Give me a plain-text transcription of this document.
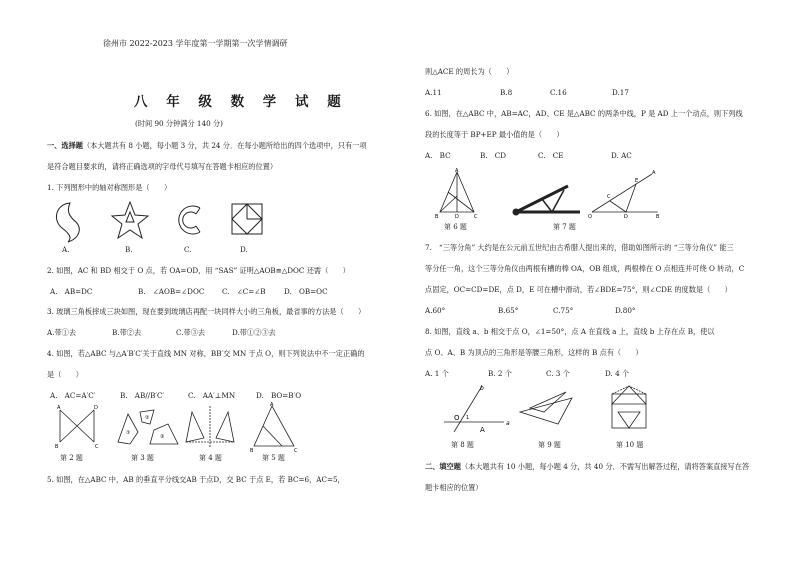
徐州市 2022-2023 学年度第一学期第一次学情调研
八 年 级 数 学 试 题
(时间 90 分钟满分 140 分)
一、选择题（本大题共有 8 小题，每小题 3 分，共 24 分．在每小题所给出的四个选项中，只有一项
是符合题目要求的，请将正确选项的字母代号填写在答题卡相应的位置）
1. 下列图形中的轴对称图形是（　　）
A.	B.	C.	D.
2. 如图，AC 和 BD 相交于 O 点，若 OA=OD，用 “SAS” 证明△AOB≌△DOC 还需（　　）
A.　AB=DC	B.　∠AOB=∠DOC C.　∠C=∠B	D.　OB=OC
3. 玻璃三角板摔成三块如图，现在要到玻璃店再配一块同样大小的三角板，最省事的方法是（　　）
A.带①去	B.带②去	C.带③去	D.带①②③去
4. 如图，若△ABC 与△A′B′C′关于直线 MN 对称，BB′交 MN 于点 O，则下列说法中不一定正确的
是（　　）
A.　AC=A′C′	B.　AB//B′C′	C.　AA′⊥MN	D.　BO=B′O
A	D
B	C
①
②
③
A
B	C
第 2 题	第 3 题	第 4 题	第 5 题
5. 如图，在△ABC 中，AB 的垂直平分线交AB 于点D，交 BC 于点 E，若 BC=6，AC=5，
则△ACE 的周长为（　　）
A.11	B.8	C.16	D.17
6. 如图，在△ABC 中，AB=AC，AD、CE 是△ABC 的两条中线，P 是 AD 上一个动点，则下列线
段的长度等于 BP+EP 最小值的是（　　）
A.　BC	B.　CD	C.　CE	D. AC
A
B	D	C	O
C
D
E
A
B
第 6 题	第 7 题
7.　“三等分角” 大约是在公元前五世纪由古希腊人提出来的，借助如图所示的 “三等分角仪” 能三
等分任一角，这个三等分角仪由两根有槽的棒 OA，OB 组成，两根棒在 O 点相连并可绕 O 转动，C
点固定，OC=CD=DE，点 D，E 可在槽中滑动，若∠BDE=75°，则∠CDE 的度数是（　　）
A.60°	B.65°	C.75°	D.80°
8. 如图，直线 a、b 相交于点 O，∠1=50°，点 A 在直线 a 上，直线 b 上存在点 B，使以
点 O、A、B 为顶点的三角形是等腰三角形，这样的 B 点有（　　）
A. 1 个	B. 2 个	C. 3 个	D. 4 个
b
a
O 1
A
第 8 题	第 9 题	第 10 题
二、填空题（本大题共有 10 小题，每小题 4 分，共 40 分．不需写出解答过程，请将答案直接写在答
题卡相应的位置）
